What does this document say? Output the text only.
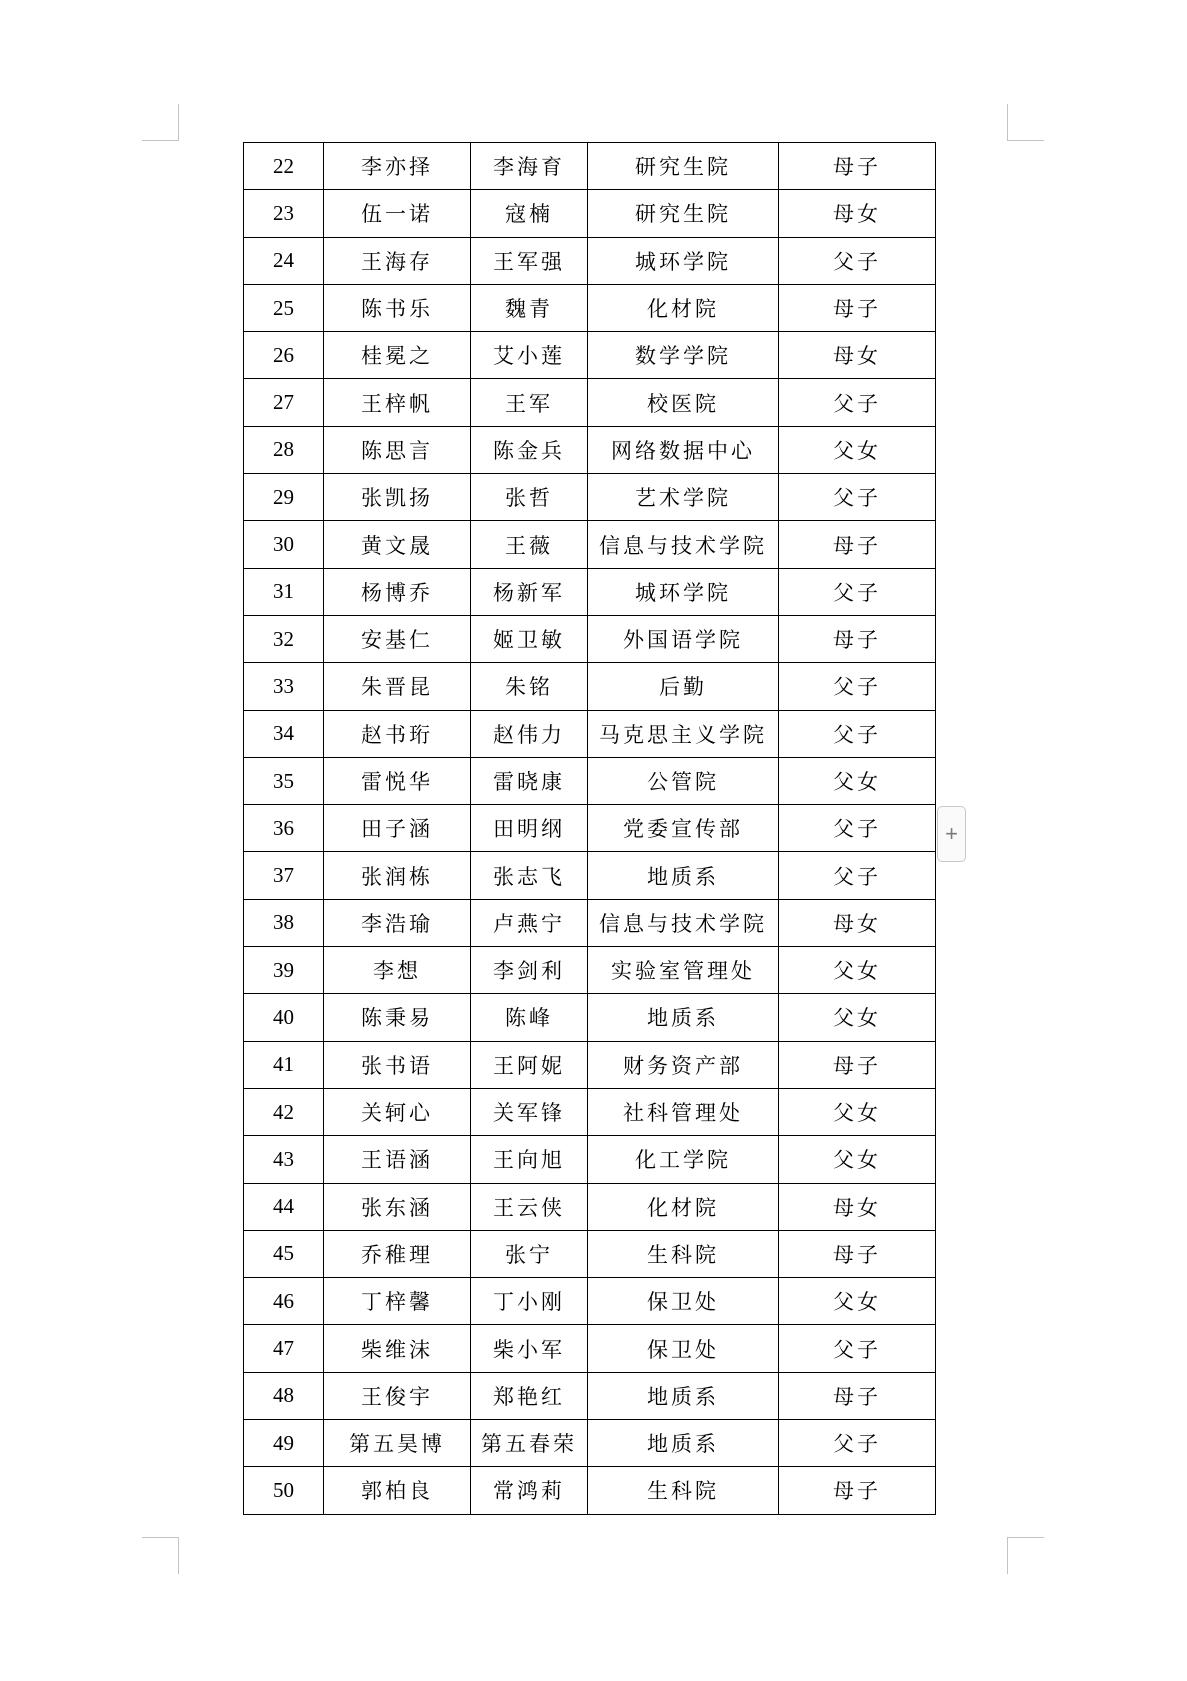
22	李亦择	李海育	研究生院	母子
23	伍一诺	寇楠	研究生院	母女
24	王海存	王军强	城环学院	父子
25	陈书乐	魏青	化材院	母子
26	桂冕之	艾小莲	数学学院	母女
27	王梓帆	王军	校医院	父子
28	陈思言	陈金兵	网络数据中心	父女
29	张凯扬	张哲	艺术学院	父子
30	黄文晟	王薇	信息与技术学院	母子
31	杨博乔	杨新军	城环学院	父子
32	安基仁	姬卫敏	外国语学院	母子
33	朱晋昆	朱铭	后勤	父子
34	赵书珩	赵伟力	马克思主义学院	父子
35	雷悦华	雷晓康	公管院	父女
36	田子涵	田明纲	党委宣传部	父子
37	张润栋	张志飞	地质系	父子
38	李浩瑜	卢燕宁	信息与技术学院	母女
39	李想	李剑利	实验室管理处	父女
40	陈秉易	陈峰	地质系	父女
41	张书语	王阿妮	财务资产部	母子
42	关轲心	关军锋	社科管理处	父女
43	王语涵	王向旭	化工学院	父女
44	张东涵	王云侠	化材院	母女
45	乔稚理	张宁	生科院	母子
46	丁梓馨	丁小刚	保卫处	父女
47	柴维沫	柴小军	保卫处	父子
48	王俊宇	郑艳红	地质系	母子
49	第五昊博	第五春荣	地质系	父子
50	郭柏良	常鸿莉	生科院	母子
+
